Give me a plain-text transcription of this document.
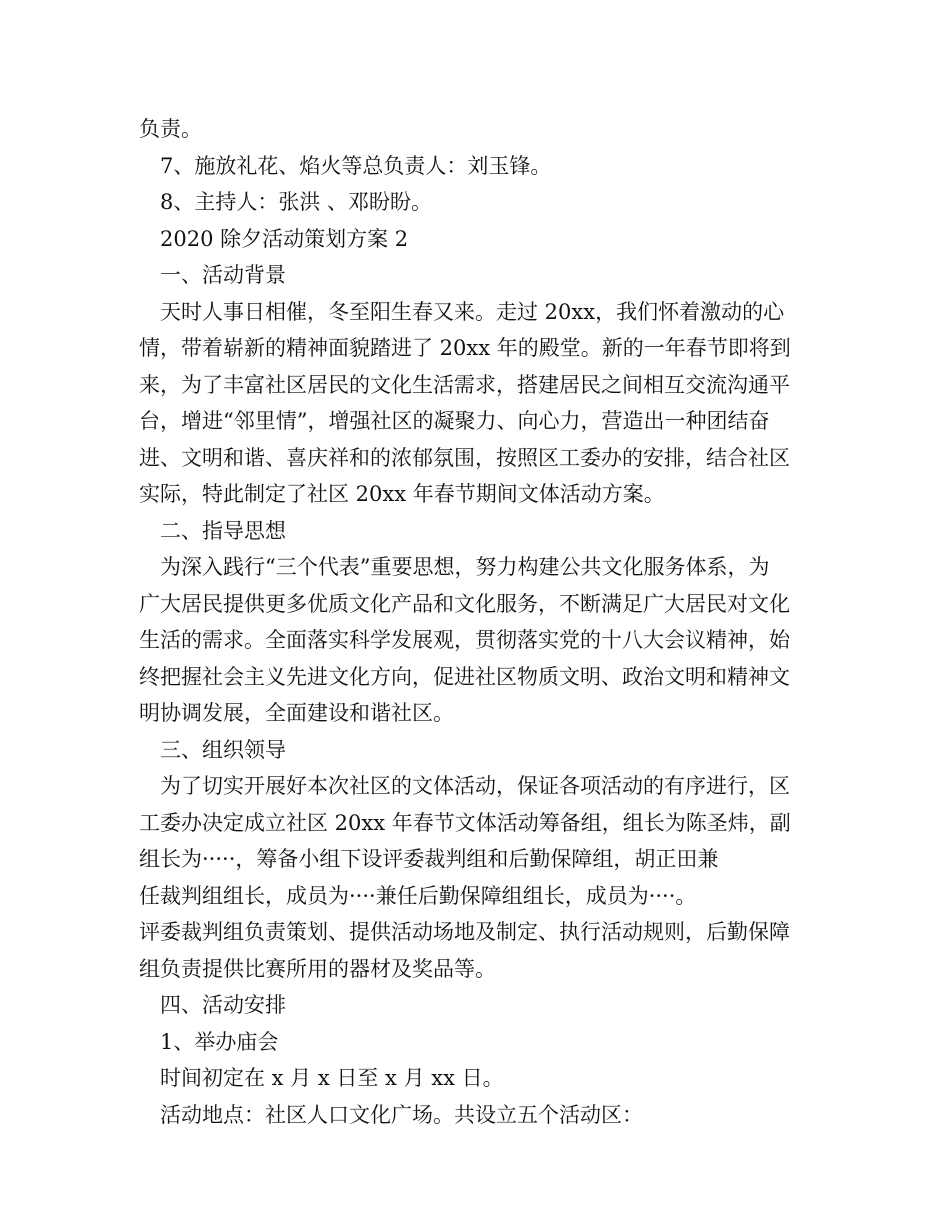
负责。
7、施放礼花、焰火等总负责人：刘玉锋。
8、主持人：张洪 、邓盼盼。
2020 除夕活动策划方案 2
一、活动背景
天时人事日相催，冬至阳生春又来。走过 20xx，我们怀着激动的心
情，带着崭新的精神面貌踏进了 20xx 年的殿堂。新的一年春节即将到
来，为了丰富社区居民的文化生活需求，搭建居民之间相互交流沟通平
台，增进“邻里情”，增强社区的凝聚力、向心力，营造出一种团结奋
进、文明和谐、喜庆祥和的浓郁氛围，按照区工委办的安排，结合社区
实际，特此制定了社区 20xx 年春节期间文体活动方案。
二、指导思想
为深入践行“三个代表”重要思想，努力构建公共文化服务体系，为
广大居民提供更多优质文化产品和文化服务，不断满足广大居民对文化
生活的需求。全面落实科学发展观，贯彻落实党的十八大会议精神，始
终把握社会主义先进文化方向，促进社区物质文明、政治文明和精神文
明协调发展，全面建设和谐社区。
三、组织领导
为了切实开展好本次社区的文体活动，保证各项活动的有序进行，区
工委办决定成立社区 20xx 年春节文体活动筹备组，组长为陈圣炜，副
组长为·····，筹备小组下设评委裁判组和后勤保障组，胡正田兼
任裁判组组长，成员为····兼任后勤保障组组长，成员为····。
评委裁判组负责策划、提供活动场地及制定、执行活动规则，后勤保障
组负责提供比赛所用的器材及奖品等。
四、活动安排
1、举办庙会
时间初定在 x 月 x 日至 x 月 xx 日。
活动地点：社区人口文化广场。共设立五个活动区：
